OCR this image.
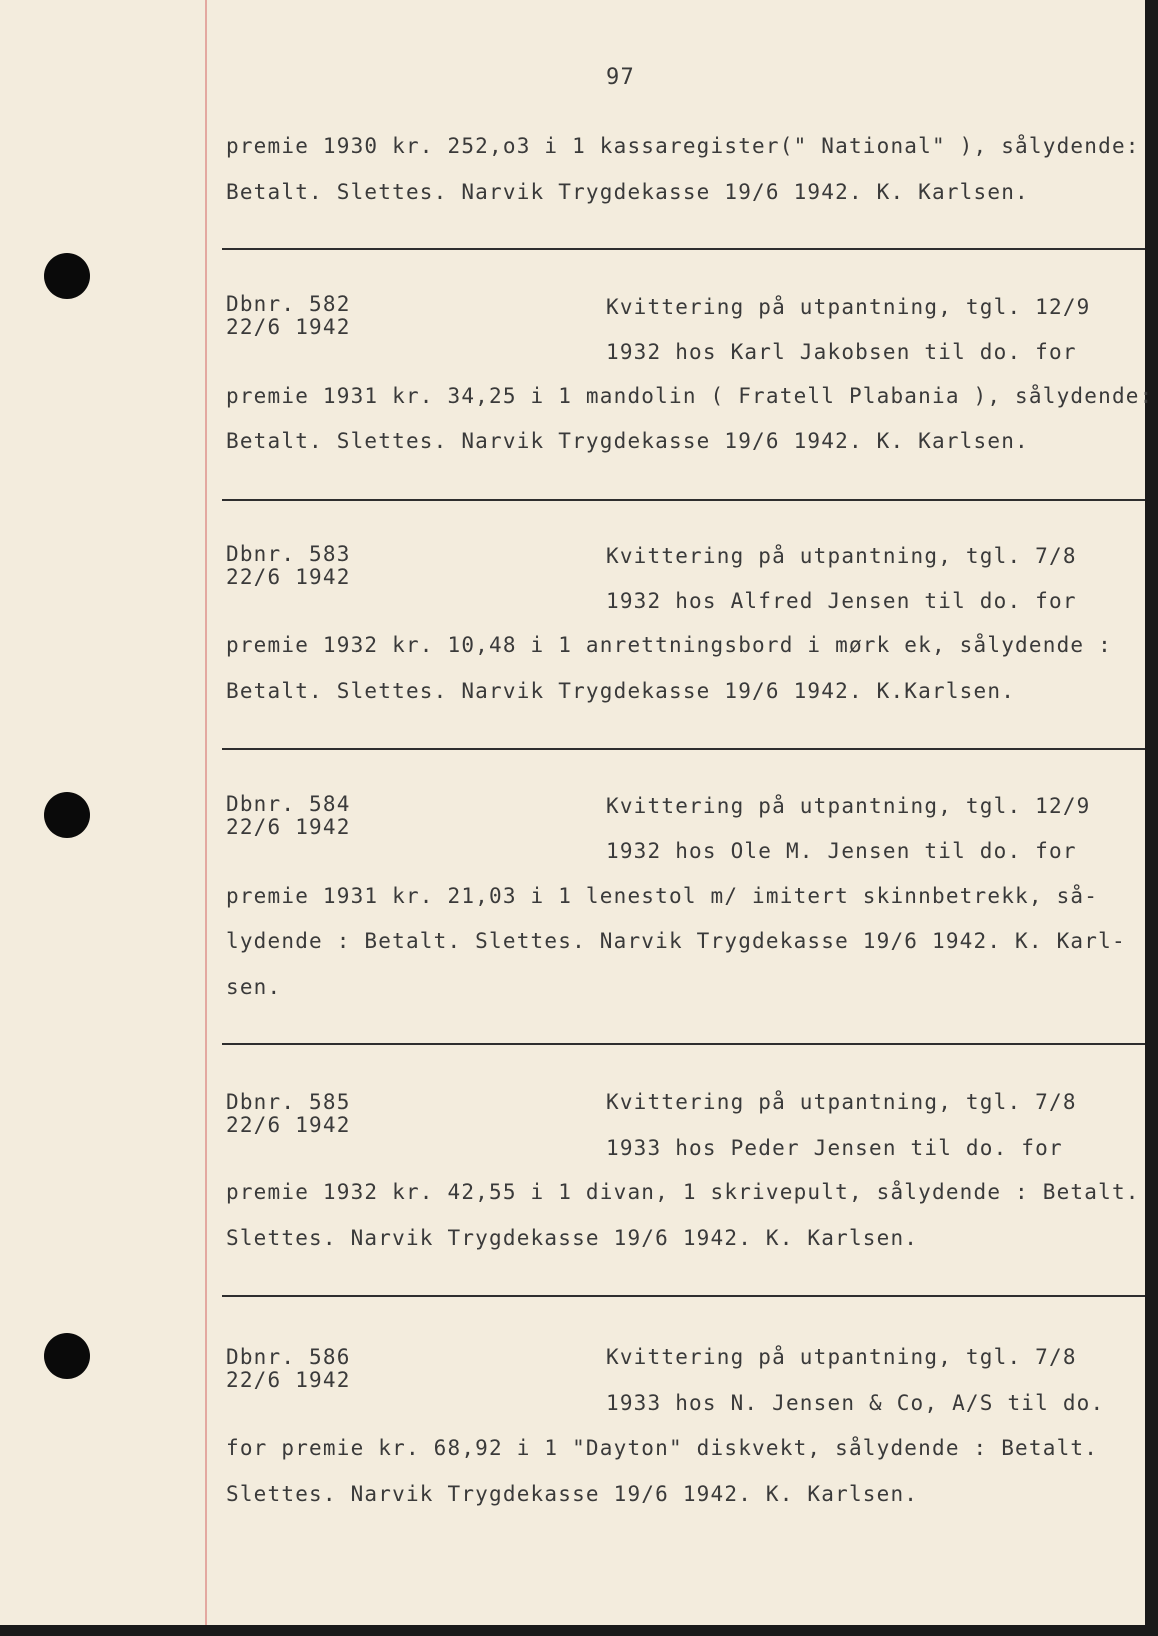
97
premie 1930 kr. 252,o3 i 1 kassaregister(" National" ), sålydende:
Betalt. Slettes. Narvik Trygdekasse 19/6 1942. K. Karlsen.
Dbnr. 582
22/6 1942
Kvittering på utpantning, tgl. 12/9
1932 hos Karl Jakobsen til do. for
premie 1931 kr. 34,25 i 1 mandolin ( Fratell Plabania ), sålydende:
Betalt. Slettes. Narvik Trygdekasse 19/6 1942. K. Karlsen.
Dbnr. 583
22/6 1942
Kvittering på utpantning, tgl. 7/8
1932 hos Alfred Jensen til do. for
premie 1932 kr. 10,48 i 1 anrettningsbord i mørk ek, sålydende :
Betalt. Slettes. Narvik Trygdekasse 19/6 1942. K.Karlsen.
Dbnr. 584
22/6 1942
Kvittering på utpantning, tgl. 12/9
1932 hos Ole M. Jensen til do. for
premie 1931 kr. 21,03 i 1 lenestol m/ imitert skinnbetrekk, så-
lydende : Betalt. Slettes. Narvik Trygdekasse 19/6 1942. K. Karl-
sen.
Dbnr. 585
22/6 1942
Kvittering på utpantning, tgl. 7/8
1933 hos Peder Jensen til do. for
premie 1932 kr. 42,55 i 1 divan, 1 skrivepult, sålydende : Betalt.
Slettes. Narvik Trygdekasse 19/6 1942. K. Karlsen.
Dbnr. 586
22/6 1942
Kvittering på utpantning, tgl. 7/8
1933 hos N. Jensen & Co, A/S til do.
for premie kr. 68,92 i 1 "Dayton" diskvekt, sålydende : Betalt.
Slettes. Narvik Trygdekasse 19/6 1942. K. Karlsen.
